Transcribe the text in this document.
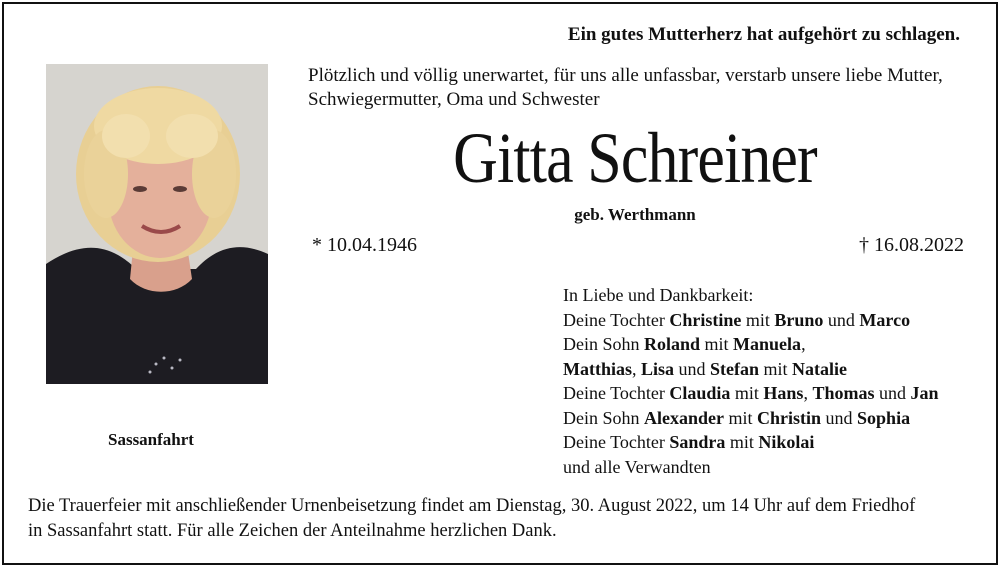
Ein gutes Mutterherz hat aufgehört zu schlagen.
Sassanfahrt
Plötzlich und völlig unerwartet, für uns alle unfassbar, verstarb unsere liebe Mutter,
Schwiegermutter, Oma und Schwester
Gitta Schreiner
geb. Werthmann
* 10.04.1946	† 16.08.2022
In Liebe und Dankbarkeit:
Deine Tochter Christine mit Bruno und Marco
Dein Sohn Roland mit Manuela,
Matthias, Lisa und Stefan mit Natalie
Deine Tochter Claudia mit Hans, Thomas und Jan
Dein Sohn Alexander mit Christin und Sophia
Deine Tochter Sandra mit Nikolai
und alle Verwandten
Die Trauerfeier mit anschließender Urnenbeisetzung findet am Dienstag, 30. August 2022, um 14 Uhr auf dem Friedhof
in Sassanfahrt statt. Für alle Zeichen der Anteilnahme herzlichen Dank.
